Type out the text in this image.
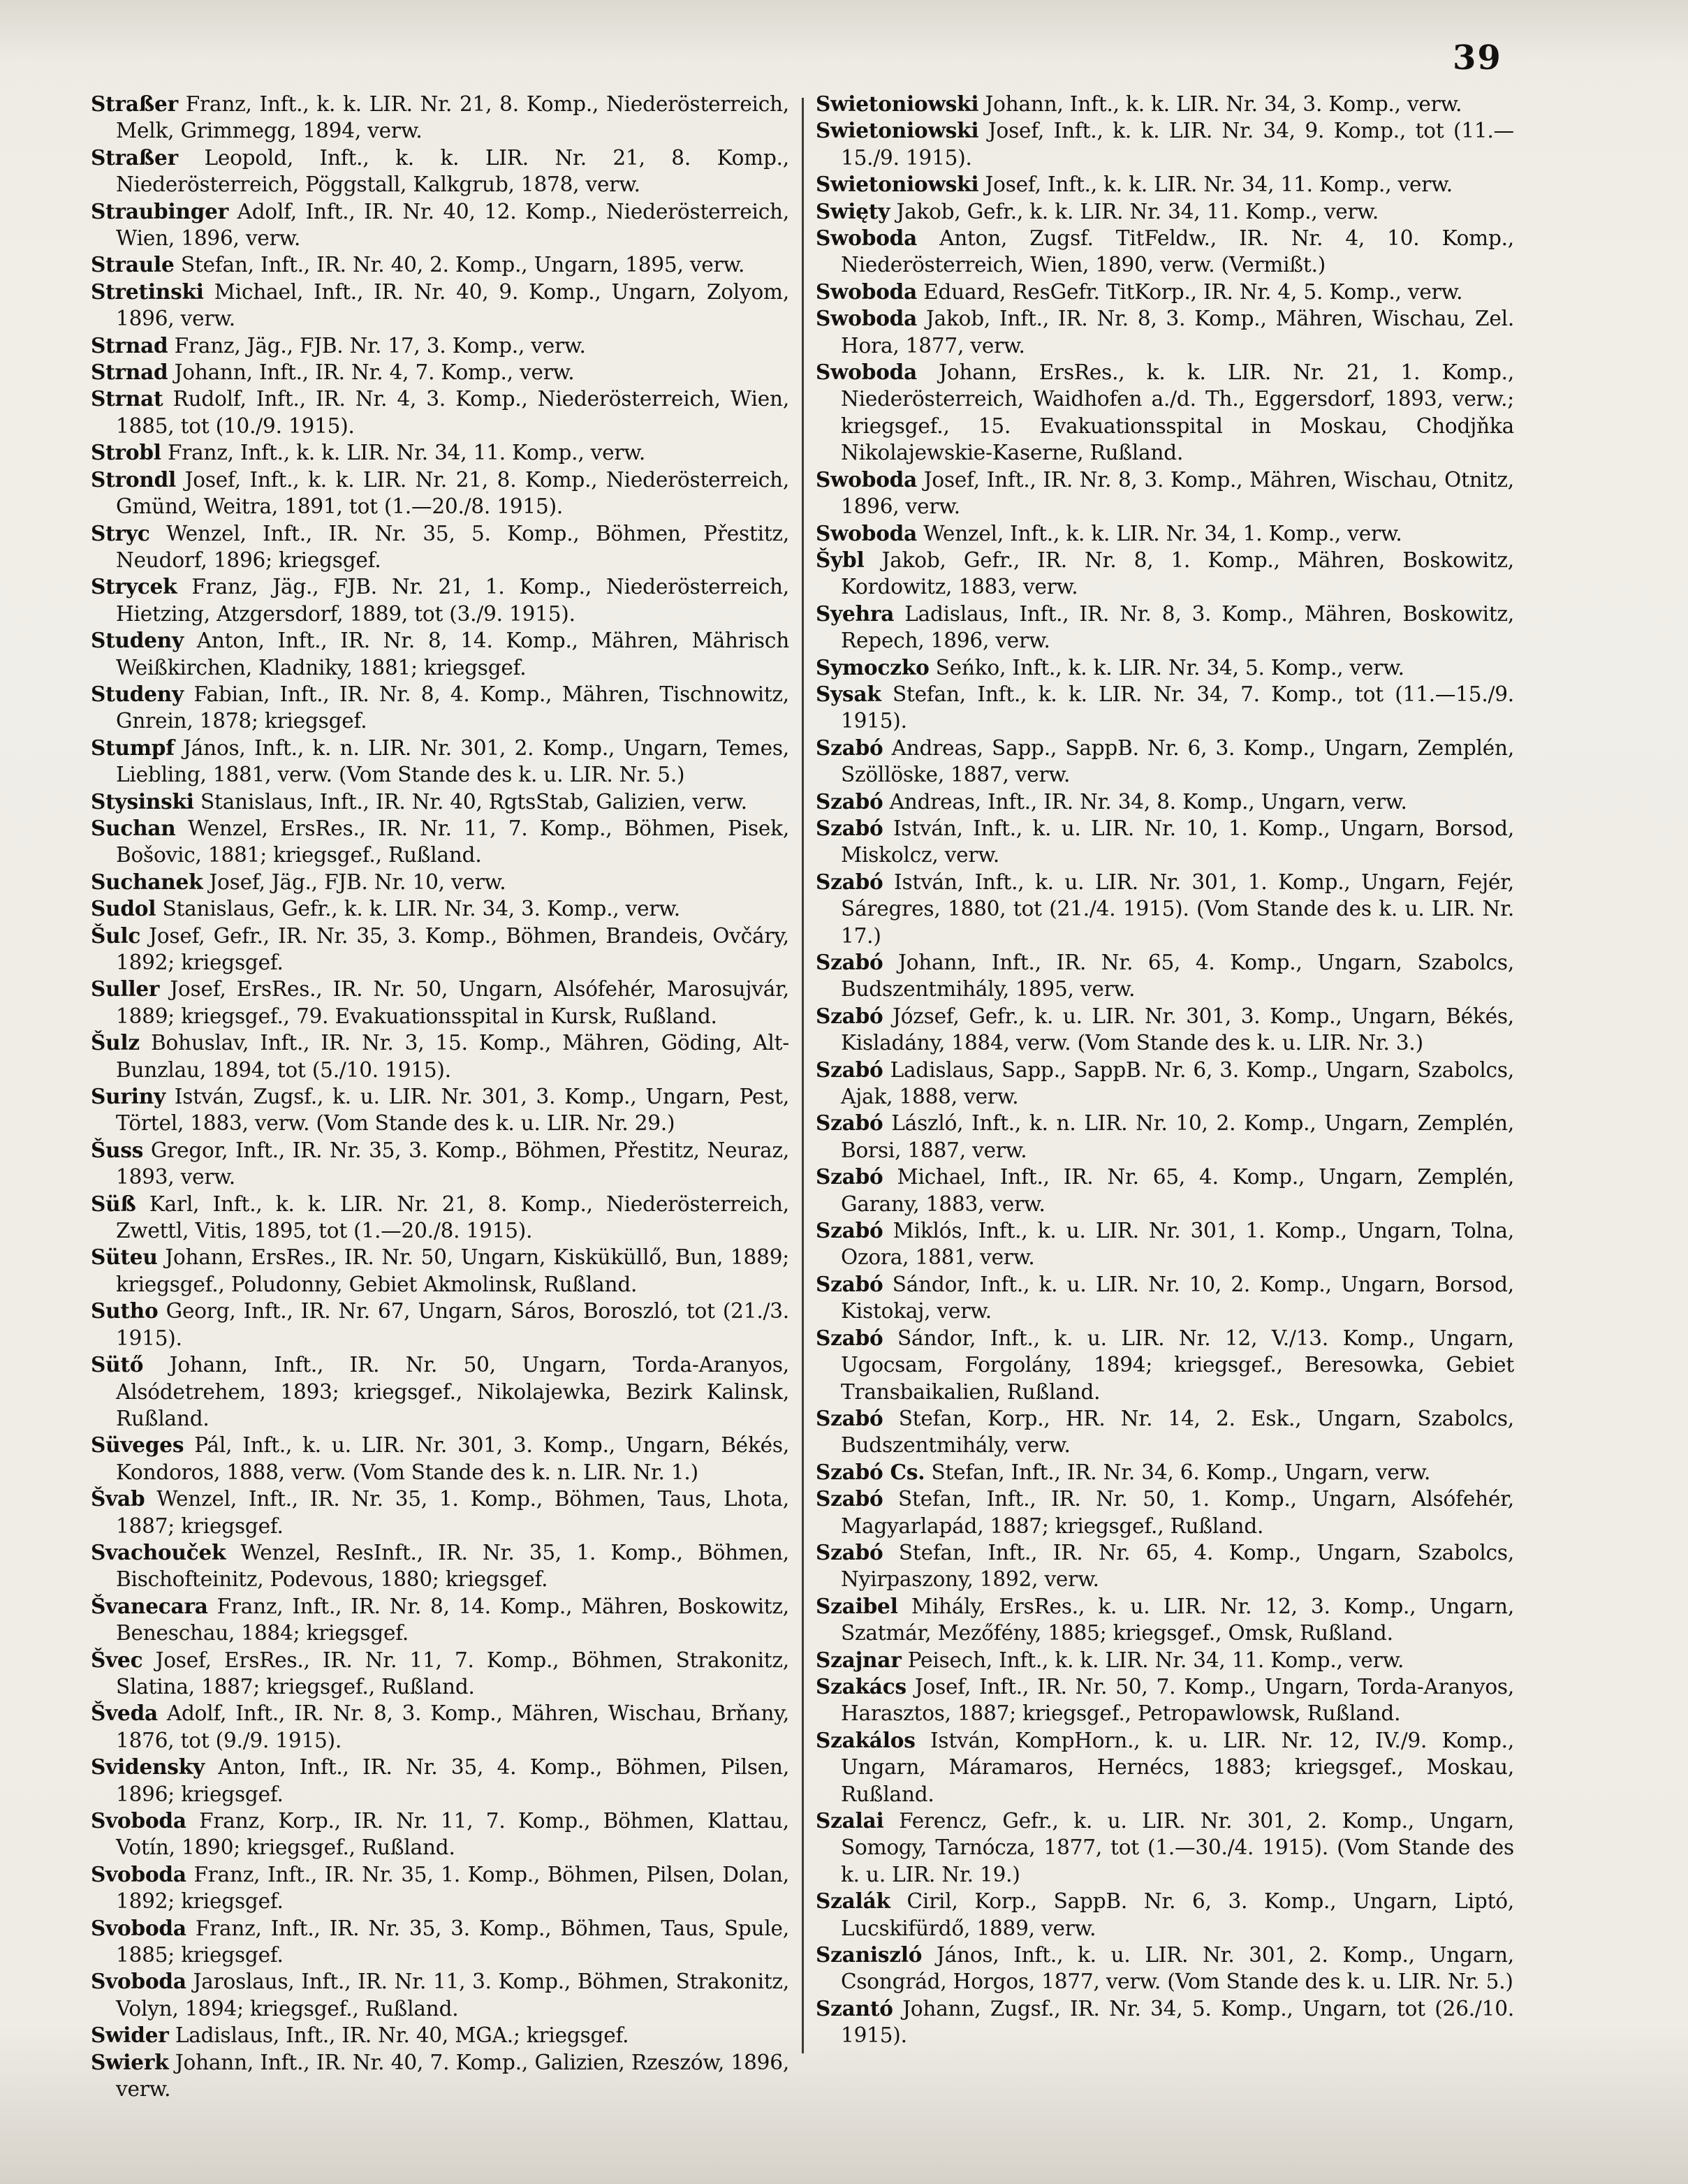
39

Straßer Franz, Inft., k. k. LIR. Nr. 21, 8. Komp., Niederösterreich, Melk, Grimmegg, 1894, verw.

Straßer Leopold, Inft., k. k. LIR. Nr. 21, 8. Komp., Niederösterreich, Pöggstall, Kalkgrub, 1878, verw.

Straubinger Adolf, Inft., IR. Nr. 40, 12. Komp., Niederösterreich, Wien, 1896, verw.

Straule Stefan, Inft., IR. Nr. 40, 2. Komp., Ungarn, 1895, verw.

Stretinski Michael, Inft., IR. Nr. 40, 9. Komp., Ungarn, Zolyom, 1896, verw.

Strnad Franz, Jäg., FJB. Nr. 17, 3. Komp., verw.

Strnad Johann, Inft., IR. Nr. 4, 7. Komp., verw.

Strnat Rudolf, Inft., IR. Nr. 4, 3. Komp., Niederösterreich, Wien, 1885, tot (10./9. 1915).

Strobl Franz, Inft., k. k. LIR. Nr. 34, 11. Komp., verw.

Strondl Josef, Inft., k. k. LIR. Nr. 21, 8. Komp., Niederösterreich, Gmünd, Weitra, 1891, tot (1.—20./8. 1915).

Stryc Wenzel, Inft., IR. Nr. 35, 5. Komp., Böhmen, Přestitz, Neudorf, 1896; kriegsgef.

Strycek Franz, Jäg., FJB. Nr. 21, 1. Komp., Niederösterreich, Hietzing, Atzgersdorf, 1889, tot (3./9. 1915).

Studeny Anton, Inft., IR. Nr. 8, 14. Komp., Mähren, Mährisch Weißkirchen, Kladniky, 1881; kriegsgef.

Studeny Fabian, Inft., IR. Nr. 8, 4. Komp., Mähren, Tischnowitz, Gnrein, 1878; kriegsgef.

Stumpf János, Inft., k. n. LIR. Nr. 301, 2. Komp., Ungarn, Temes, Liebling, 1881, verw. (Vom Stande des k. u. LIR. Nr. 5.)

Stysinski Stanislaus, Inft., IR. Nr. 40, RgtsStab, Galizien, verw.

Suchan Wenzel, ErsRes., IR. Nr. 11, 7. Komp., Böhmen, Pisek, Bošovic, 1881; kriegsgef., Rußland.

Suchanek Josef, Jäg., FJB. Nr. 10, verw.

Sudol Stanislaus, Gefr., k. k. LIR. Nr. 34, 3. Komp., verw.

Šulc Josef, Gefr., IR. Nr. 35, 3. Komp., Böhmen, Brandeis, Ovčáry, 1892; kriegsgef.

Suller Josef, ErsRes., IR. Nr. 50, Ungarn, Alsófehér, Marosujvár, 1889; kriegsgef., 79. Evakuationsspital in Kursk, Rußland.

Šulz Bohuslav, Inft., IR. Nr. 3, 15. Komp., Mähren, Göding, Alt-Bunzlau, 1894, tot (5./10. 1915).

Suriny István, Zugsf., k. u. LIR. Nr. 301, 3. Komp., Ungarn, Pest, Törtel, 1883, verw. (Vom Stande des k. u. LIR. Nr. 29.)

Šuss Gregor, Inft., IR. Nr. 35, 3. Komp., Böhmen, Přestitz, Neuraz, 1893, verw.

Süß Karl, Inft., k. k. LIR. Nr. 21, 8. Komp., Niederösterreich, Zwettl, Vitis, 1895, tot (1.—20./8. 1915).

Süteu Johann, ErsRes., IR. Nr. 50, Ungarn, Kisküküllő, Bun, 1889; kriegsgef., Poludonny, Gebiet Akmolinsk, Rußland.

Sutho Georg, Inft., IR. Nr. 67, Ungarn, Sáros, Boroszló, tot (21./3. 1915).

Sütő Johann, Inft., IR. Nr. 50, Ungarn, Torda-Aranyos, Alsódetrehem, 1893; kriegsgef., Nikolajewka, Bezirk Kalinsk, Rußland.

Süveges Pál, Inft., k. u. LIR. Nr. 301, 3. Komp., Ungarn, Békés, Kondoros, 1888, verw. (Vom Stande des k. n. LIR. Nr. 1.)

Švab Wenzel, Inft., IR. Nr. 35, 1. Komp., Böhmen, Taus, Lhota, 1887; kriegsgef.

Svachouček Wenzel, ResInft., IR. Nr. 35, 1. Komp., Böhmen, Bischofteinitz, Podevous, 1880; kriegsgef.

Švanecara Franz, Inft., IR. Nr. 8, 14. Komp., Mähren, Boskowitz, Beneschau, 1884; kriegsgef.

Švec Josef, ErsRes., IR. Nr. 11, 7. Komp., Böhmen, Strakonitz, Slatina, 1887; kriegsgef., Rußland.

Šveda Adolf, Inft., IR. Nr. 8, 3. Komp., Mähren, Wischau, Brňany, 1876, tot (9./9. 1915).

Svidensky Anton, Inft., IR. Nr. 35, 4. Komp., Böhmen, Pilsen, 1896; kriegsgef.

Svoboda Franz, Korp., IR. Nr. 11, 7. Komp., Böhmen, Klattau, Votín, 1890; kriegsgef., Rußland.

Svoboda Franz, Inft., IR. Nr. 35, 1. Komp., Böhmen, Pilsen, Dolan, 1892; kriegsgef.

Svoboda Franz, Inft., IR. Nr. 35, 3. Komp., Böhmen, Taus, Spule, 1885; kriegsgef.

Svoboda Jaroslaus, Inft., IR. Nr. 11, 3. Komp., Böhmen, Strakonitz, Volyn, 1894; kriegsgef., Rußland.

Swider Ladislaus, Inft., IR. Nr. 40, MGA.; kriegsgef.

Swierk Johann, Inft., IR. Nr. 40, 7. Komp., Galizien, Rzeszów, 1896, verw.

Swietoniowski Johann, Inft., k. k. LIR. Nr. 34, 3. Komp., verw.

Swietoniowski Josef, Inft., k. k. LIR. Nr. 34, 9. Komp., tot (11.—15./9. 1915).

Swietoniowski Josef, Inft., k. k. LIR. Nr. 34, 11. Komp., verw.

Swięty Jakob, Gefr., k. k. LIR. Nr. 34, 11. Komp., verw.

Swoboda Anton, Zugsf. TitFeldw., IR. Nr. 4, 10. Komp., Niederösterreich, Wien, 1890, verw. (Vermißt.)

Swoboda Eduard, ResGefr. TitKorp., IR. Nr. 4, 5. Komp., verw.

Swoboda Jakob, Inft., IR. Nr. 8, 3. Komp., Mähren, Wischau, Zel. Hora, 1877, verw.

Swoboda Johann, ErsRes., k. k. LIR. Nr. 21, 1. Komp., Niederösterreich, Waidhofen a./d. Th., Eggersdorf, 1893, verw.; kriegsgef., 15. Evakuationsspital in Moskau, Chodjňka Nikolajewskie-Kaserne, Rußland.

Swoboda Josef, Inft., IR. Nr. 8, 3. Komp., Mähren, Wischau, Otnitz, 1896, verw.

Swoboda Wenzel, Inft., k. k. LIR. Nr. 34, 1. Komp., verw.

Šybl Jakob, Gefr., IR. Nr. 8, 1. Komp., Mähren, Boskowitz, Kordowitz, 1883, verw.

Syehra Ladislaus, Inft., IR. Nr. 8, 3. Komp., Mähren, Boskowitz, Repech, 1896, verw.

Symoczko Seńko, Inft., k. k. LIR. Nr. 34, 5. Komp., verw.

Sysak Stefan, Inft., k. k. LIR. Nr. 34, 7. Komp., tot (11.—15./9. 1915).

Szabó Andreas, Sapp., SappB. Nr. 6, 3. Komp., Ungarn, Zemplén, Szöllöske, 1887, verw.

Szabó Andreas, Inft., IR. Nr. 34, 8. Komp., Ungarn, verw.

Szabó István, Inft., k. u. LIR. Nr. 10, 1. Komp., Ungarn, Borsod, Miskolcz, verw.

Szabó István, Inft., k. u. LIR. Nr. 301, 1. Komp., Ungarn, Fejér, Sáregres, 1880, tot (21./4. 1915). (Vom Stande des k. u. LIR. Nr. 17.)

Szabó Johann, Inft., IR. Nr. 65, 4. Komp., Ungarn, Szabolcs, Budszentmihály, 1895, verw.

Szabó József, Gefr., k. u. LIR. Nr. 301, 3. Komp., Ungarn, Békés, Kisladány, 1884, verw. (Vom Stande des k. u. LIR. Nr. 3.)

Szabó Ladislaus, Sapp., SappB. Nr. 6, 3. Komp., Ungarn, Szabolcs, Ajak, 1888, verw.

Szabó László, Inft., k. n. LIR. Nr. 10, 2. Komp., Ungarn, Zemplén, Borsi, 1887, verw.

Szabó Michael, Inft., IR. Nr. 65, 4. Komp., Ungarn, Zemplén, Garany, 1883, verw.

Szabó Miklós, Inft., k. u. LIR. Nr. 301, 1. Komp., Ungarn, Tolna, Ozora, 1881, verw.

Szabó Sándor, Inft., k. u. LIR. Nr. 10, 2. Komp., Ungarn, Borsod, Kistokaj, verw.

Szabó Sándor, Inft., k. u. LIR. Nr. 12, V./13. Komp., Ungarn, Ugocsam, Forgolány, 1894; kriegsgef., Beresowka, Gebiet Transbaikalien, Rußland.

Szabó Stefan, Korp., HR. Nr. 14, 2. Esk., Ungarn, Szabolcs, Budszentmihály, verw.

Szabó Cs. Stefan, Inft., IR. Nr. 34, 6. Komp., Ungarn, verw.

Szabó Stefan, Inft., IR. Nr. 50, 1. Komp., Ungarn, Alsófehér, Magyarlapád, 1887; kriegsgef., Rußland.

Szabó Stefan, Inft., IR. Nr. 65, 4. Komp., Ungarn, Szabolcs, Nyirpaszony, 1892, verw.

Szaibel Mihály, ErsRes., k. u. LIR. Nr. 12, 3. Komp., Ungarn, Szatmár, Mezőfény, 1885; kriegsgef., Omsk, Rußland.

Szajnar Peisech, Inft., k. k. LIR. Nr. 34, 11. Komp., verw.

Szakács Josef, Inft., IR. Nr. 50, 7. Komp., Ungarn, Torda-Aranyos, Harasztos, 1887; kriegsgef., Petropawlowsk, Rußland.

Szakálos István, KompHorn., k. u. LIR. Nr. 12, IV./9. Komp., Ungarn, Máramaros, Hernécs, 1883; kriegsgef., Moskau, Rußland.

Szalai Ferencz, Gefr., k. u. LIR. Nr. 301, 2. Komp., Ungarn, Somogy, Tarnócza, 1877, tot (1.—30./4. 1915). (Vom Stande des k. u. LIR. Nr. 19.)

Szalák Ciril, Korp., SappB. Nr. 6, 3. Komp., Ungarn, Liptó, Lucskifürdő, 1889, verw.

Szaniszló János, Inft., k. u. LIR. Nr. 301, 2. Komp., Ungarn, Csongrád, Horgos, 1877, verw. (Vom Stande des k. u. LIR. Nr. 5.)

Szantó Johann, Zugsf., IR. Nr. 34, 5. Komp., Ungarn, tot (26./10. 1915).
